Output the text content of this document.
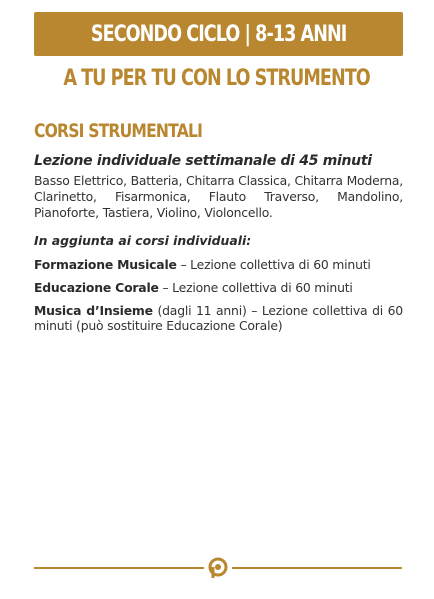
SECONDO CICLO | 8-13 ANNI
A TU PER TU CON LO STRUMENTO
CORSI STRUMENTALI

Lezione individuale settimanale di 45 minuti

Basso Elettrico, Batteria, Chitarra Classica, Chitarra Moderna, Clarinetto, Fisarmonica, Flauto Traverso, Mandolino, Pianoforte, Tastiera, Violino, Violoncello.

In aggiunta ai corsi individuali:

Formazione Musicale – Lezione collettiva di 60 minuti

Educazione Corale – Lezione collettiva di 60 minuti

Musica d’Insieme (dagli 11 anni) – Lezione collettiva di 60 minuti (può sostituire Educazione Corale)
